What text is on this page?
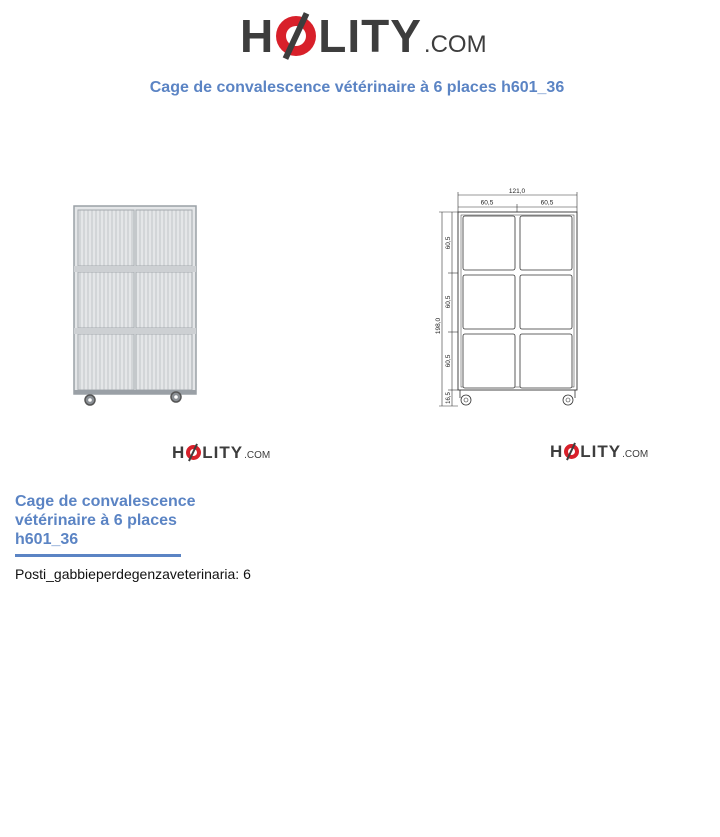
H LITY .COM
Cage de convalescence vétérinaire à 6 places h601_36
121,0
60,5	60,5
198,0
60,5
60,5
60,5
16,5
H LITY .COM	H LITY .COM
Cage de convalescence vétérinaire à 6 places h601_36
Posti_gabbieperdegenzaveterinaria: 6
